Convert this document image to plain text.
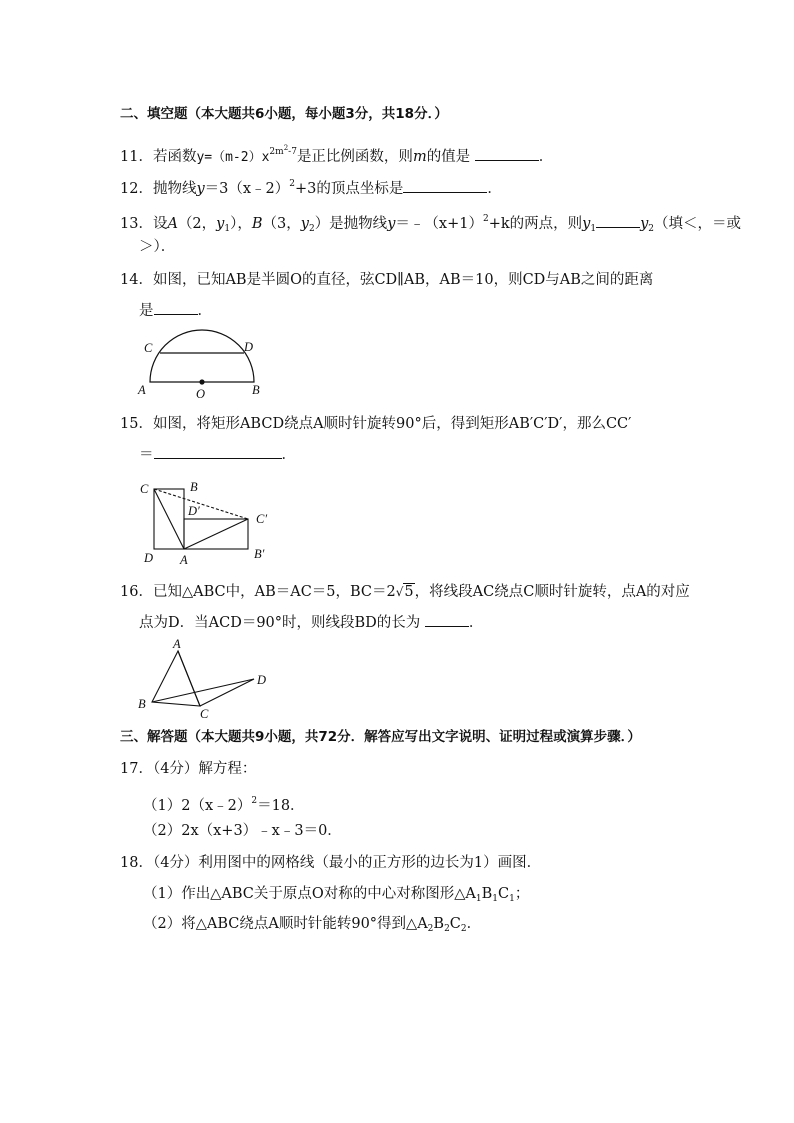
二、填空题（本大题共6小题，每小题3分，共18分．）
11．若函数$y=(m-2)x^{2m^2-7}$是正比例函数，则m的值是	．
12．抛物线y＝3（x﹣2）$^2$+3的顶点坐标是	．
13．设A（2，$y_1$），B（3，$y_2$）是抛物线$y=﹣(x+1)^2+k$的两点，则$y_1$	$y_2$（填＜，＝或
＞）．
14．如图，已知AB是半圆O的直径，弦CD∥AB，AB＝10，则CD与AB之间的距离
是	．
C	D
A	O	B
15．如图，将矩形ABCD绕点A顺时针旋转90°后，得到矩形AB′C′D′，那么CC′
＝	．
C	B
D′
C′
D A	B′
16．已知△ABC中，AB＝AC＝5，BC＝2√5，将线段AC绕点C顺时针旋转，点A的对应
点为D．当ACD＝90°时，则线段BD的长为	．
A
D
B
C
三、解答题（本大题共9小题，共72分．解答应写出文字说明、证明过程或演算步骤．）
17．（4分）解方程：
（1）2（x﹣2）$^2$＝18．
（2）2x（x+3）﹣x﹣3＝0．
18．（4分）利用图中的网格线（最小的正方形的边长为1）画图．
（1）作出△ABC关于原点O对称的中心对称图形$\triangle A_1B_1C_1$；
（2）将△ABC绕点A顺时针能转90°得到$\triangle A_2B_2C_2$．
